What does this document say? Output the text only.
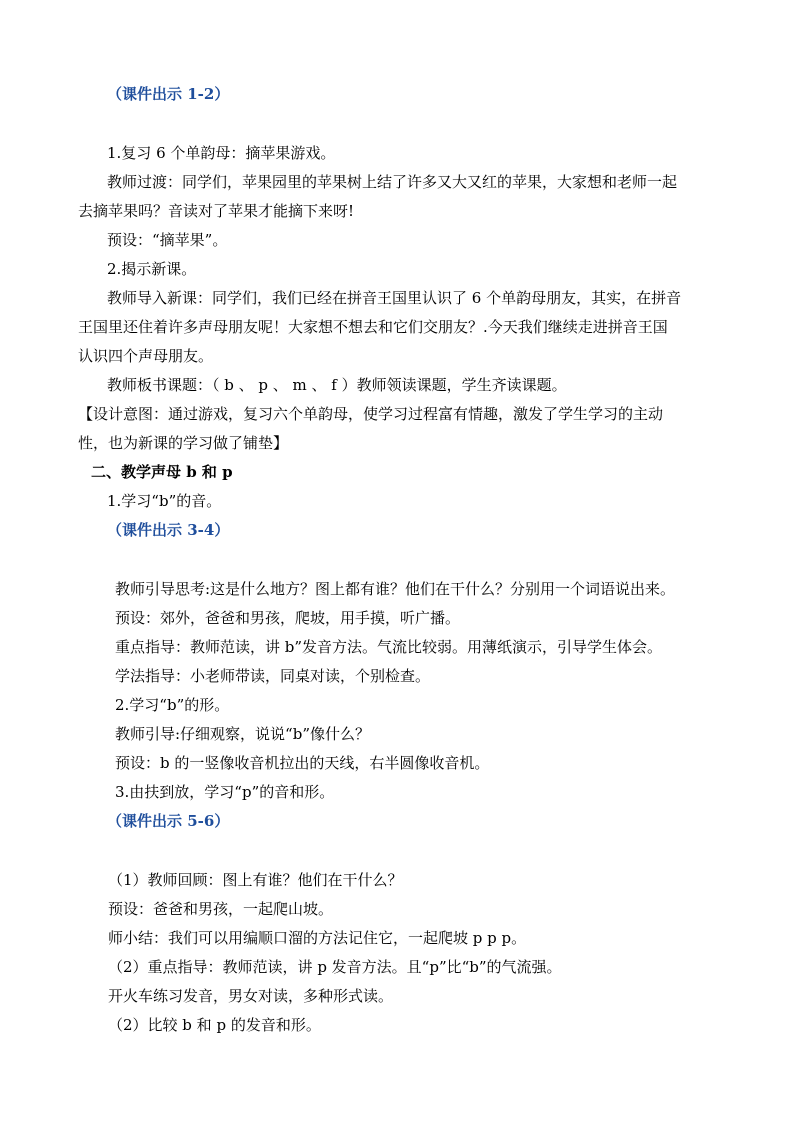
（课件出示 1-2）
1.复习 6 个单韵母：摘苹果游戏。
教师过渡：同学们，苹果园里的苹果树上结了许多又大又红的苹果，大家想和老师一起
去摘苹果吗？音读对了苹果才能摘下来呀!
预设：“摘苹果”。
2.揭示新课。
教师导入新课：同学们，我们已经在拼音王国里认识了 6 个单韵母朋友，其实，在拼音
王国里还住着许多声母朋友呢！大家想不想去和它们交朋友？.今天我们继续走进拼音王国
认识四个声母朋友。
教师板书课题：（ b 、 p 、 m 、 f ）教师领读课题，学生齐读课题。
【设计意图：通过游戏，复习六个单韵母，使学习过程富有情趣，激发了学生学习的主动
性，也为新课的学习做了铺垫】
二、教学声母 b 和 p
1.学习“b”的音。
（课件出示 3-4）
教师引导思考:这是什么地方？图上都有谁？他们在干什么？分别用一个词语说出来。
预设：郊外，爸爸和男孩，爬坡，用手摸，听广播。
重点指导：教师范读，讲 b”发音方法。气流比较弱。用薄纸演示，引导学生体会。
学法指导：小老师带读，同桌对读，个别检查。
2.学习“b”的形。
教师引导:仔细观察，说说“b”像什么？
预设：b 的一竖像收音机拉出的天线，右半圆像收音机。
3.由扶到放，学习“p”的音和形。
（课件出示 5-6）
（1）教师回顾：图上有谁？他们在干什么？
预设：爸爸和男孩，一起爬山坡。
师小结：我们可以用编顺口溜的方法记住它，一起爬坡 p p p。
（2）重点指导：教师范读，讲 p 发音方法。且“p”比“b”的气流强。
开火车练习发音，男女对读，多种形式读。
（2）比较 b 和 p 的发音和形。
